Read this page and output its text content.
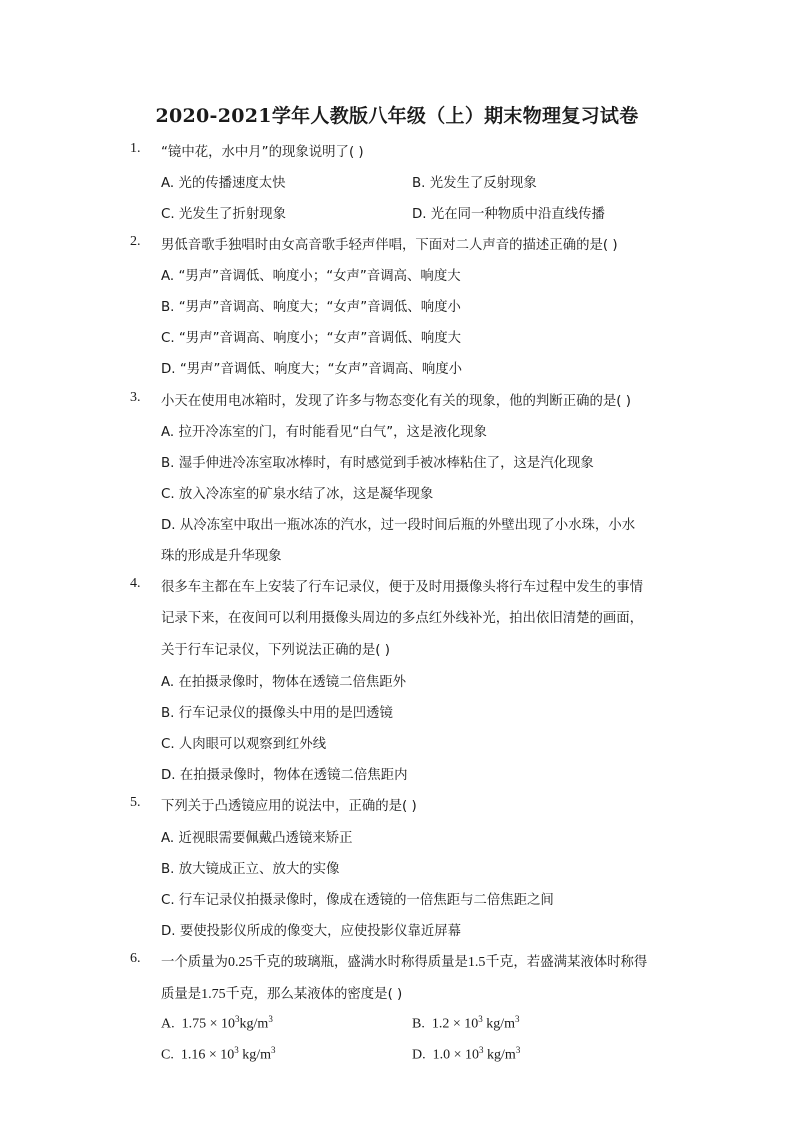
2020-2021学年人教版八年级（上）期末物理复习试卷
1. “镜中花，水中月”的现象说明了( )
A. 光的传播速度太快	B. 光发生了反射现象
C. 光发生了折射现象	D. 光在同一种物质中沿直线传播
2. 男低音歌手独唱时由女高音歌手轻声伴唱，下面对二人声音的描述正确的是( )
A. “男声”音调低、响度小；“女声”音调高、响度大
B. “男声”音调高、响度大；“女声”音调低、响度小
C. “男声”音调高、响度小；“女声”音调低、响度大
D. “男声”音调低、响度大；“女声”音调高、响度小
3. 小天在使用电冰箱时，发现了许多与物态变化有关的现象，他的判断正确的是( )
A. 拉开冷冻室的门，有时能看见“白气”，这是液化现象
B. 湿手伸进冷冻室取冰棒时，有时感觉到手被冰棒粘住了，这是汽化现象
C. 放入冷冻室的矿泉水结了冰，这是凝华现象
D. 从冷冻室中取出一瓶冰冻的汽水，过一段时间后瓶的外壁出现了小水珠，小水
珠的形成是升华现象
4. 很多车主都在车上安装了行车记录仪，便于及时用摄像头将行车过程中发生的事情
记录下来，在夜间可以利用摄像头周边的多点红外线补光，拍出依旧清楚的画面，
关于行车记录仪，下列说法正确的是( )
A. 在拍摄录像时，物体在透镜二倍焦距外
B. 行车记录仪的摄像头中用的是凹透镜
C. 人肉眼可以观察到红外线
D. 在拍摄录像时，物体在透镜二倍焦距内
5. 下列关于凸透镜应用的说法中，正确的是( )
A. 近视眼需要佩戴凸透镜来矫正
B. 放大镜成正立、放大的实像
C. 行车记录仪拍摄录像时，像成在透镜的一倍焦距与二倍焦距之间
D. 要使投影仪所成的像变大，应使投影仪靠近屏幕
6. 一个质量为0.25千克的玻璃瓶，盛满水时称得质量是1.5千克，若盛满某液体时称得
质量是1.75千克，那么某液体的密度是( )
A. $1.75 \times 10^3kg/m^3$	B. $1.2 \times 10^3$ $kg/m^3$
C. $1.16 \times 10^3$ $kg/m^3$	D. $1.0 \times 10^3$ $kg/m^3$
